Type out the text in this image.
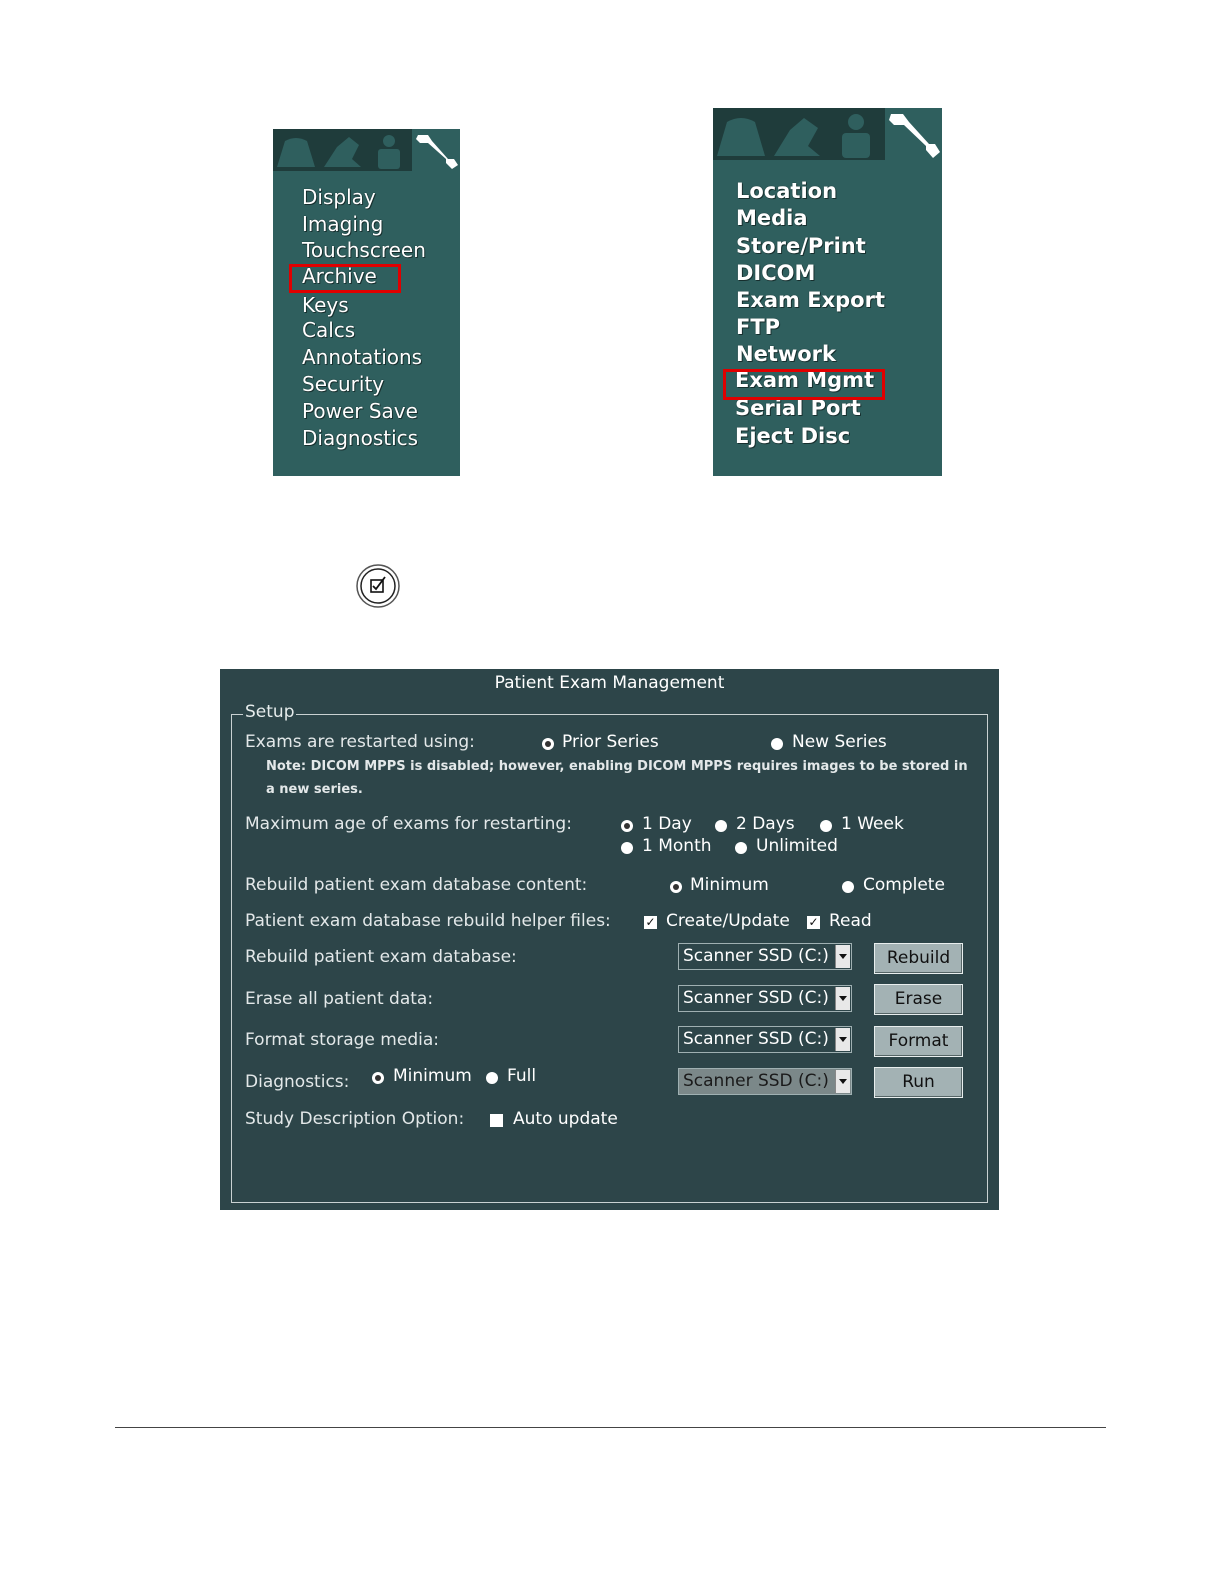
Display
Imaging
Touchscreen
Archive
Keys
Calcs
Annotations
Security
Power Save
Diagnostics
Location
Media
Store/Print
DICOM
Exam Export
FTP
Network
Exam Mgmt
Serial Port
Eject Disc
Patient Exam Management
Setup
Exams are restarted using:	Prior Series	New Series
Note: DICOM MPPS is disabled; however, enabling DICOM MPPS requires images to be stored in
a new series.
Maximum age of exams for restarting:	1 Day	2 Days	1 Week
1 Month	Unlimited
Rebuild patient exam database content:	Minimum	Complete
Patient exam database rebuild helper files:	✓ Create/Update ✓ Read
Rebuild patient exam database:	Scanner SSD (C:)	Rebuild
Erase all patient data:	Scanner SSD (C:)	Erase
Format storage media:	Scanner SSD (C:)	Format
Diagnostics:	Minimum Full	Scanner SSD (C:)	Run
Study Description Option:	Auto update
